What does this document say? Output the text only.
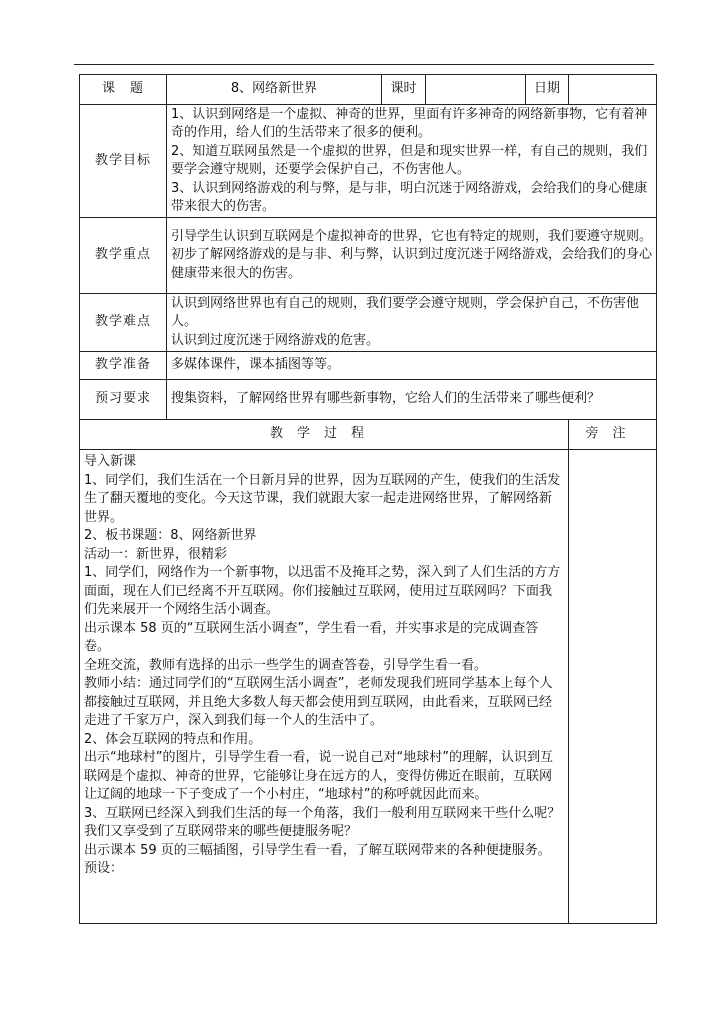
课　题	8、网络新世界	课时		日期	
教学目标	1、认识到网络是一个虚拟、神奇的世界，里面有许多神奇的网络新事物，它有着神奇的作用，给人们的生活带来了很多的便利。

2、知道互联网虽然是一个虚拟的世界，但是和现实世界一样，有自己的规则，我们要学会遵守规则，还要学会保护自己，不伤害他人。

3、认识到网络游戏的利与弊，是与非，明白沉迷于网络游戏，会给我们的身心健康带来很大的伤害。				

教学重点	引导学生认识到互联网是个虚拟神奇的世界，它也有特定的规则，我们要遵守规则。

初步了解网络游戏的是与非、利与弊，认识到过度沉迷于网络游戏，会给我们的身心健康带来很大的伤害。				

教学难点	认识到网络世界也有自己的规则，我们要学会遵守规则，学会保护自己，不伤害他人。

认识到过度沉迷于网络游戏的危害。				

教学准备	多媒体课件，课本插图等等。				

预习要求	搜集资料，了解网络世界有哪些新事物，它给人们的生活带来了哪些便利？				

教学过程					旁注

导入新课

1、同学们，我们生活在一个日新月异的世界，因为互联网的产生，使我们的生活发生了翻天覆地的变化。今天这节课，我们就跟大家一起走进网络世界，了解网络新世界。

2、板书课题：8、网络新世界

活动一：新世界，很精彩

1、同学们，网络作为一个新事物，以迅雷不及掩耳之势，深入到了人们生活的方方面面，现在人们已经离不开互联网。你们接触过互联网，使用过互联网吗？下面我们先来展开一个网络生活小调查。

出示课本 58 页的“互联网生活小调查”，学生看一看，并实事求是的完成调查答卷。

全班交流，教师有选择的出示一些学生的调查答卷，引导学生看一看。

教师小结：通过同学们的“互联网生活小调查”，老师发现我们班同学基本上每个人都接触过互联网，并且绝大多数人每天都会使用到互联网，由此看来，互联网已经走进了千家万户，深入到我们每一个人的生活中了。

2、体会互联网的特点和作用。

出示“地球村”的图片，引导学生看一看，说一说自己对“地球村”的理解，认识到互联网是个虚拟、神奇的世界，它能够让身在远方的人，变得仿佛近在眼前，互联网让辽阔的地球一下子变成了一个小村庄，“地球村”的称呼就因此而来。

3、互联网已经深入到我们生活的每一个角落，我们一般利用互联网来干些什么呢？我们又享受到了互联网带来的哪些便捷服务呢？

出示课本 59 页的三幅插图，引导学生看一看，了解互联网带来的各种便捷服务。

预设：
